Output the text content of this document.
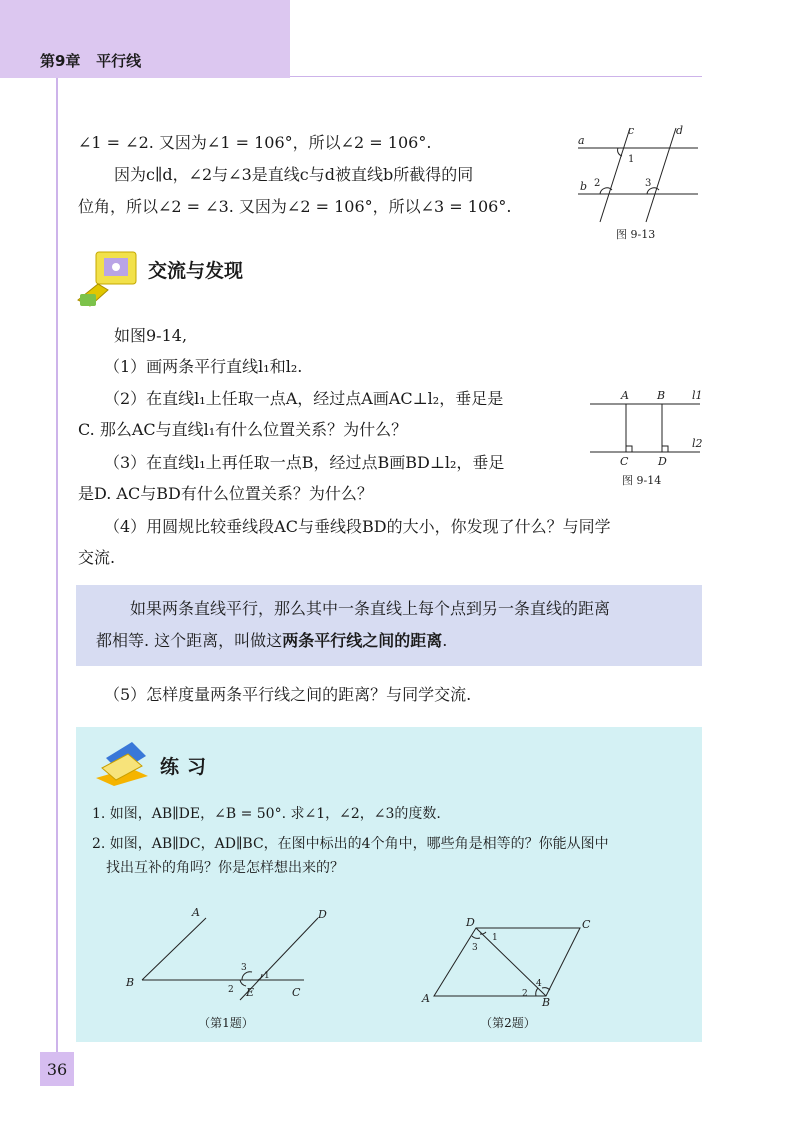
第9章 平行线
∠1 = ∠2. 又因为∠1 = 106°，所以∠2 = 106°.
因为c∥d，∠2与∠3是直线c与d被直线b所截得的同
位角，所以∠2 = ∠3. 又因为∠2 = 106°，所以∠3 = 106°.
a
b
c	d
1
2	3
图 9-13
交流与发现
如图9-14,
（1）画两条平行直线l₁和l₂.
（2）在直线l₁上任取一点A，经过点A画AC⊥l₂，垂足是
C. 那么AC与直线l₁有什么位置关系？为什么？
（3）在直线l₁上再任取一点B，经过点B画BD⊥l₂，垂足
是D. AC与BD有什么位置关系？为什么？
（4）用圆规比较垂线段AC与垂线段BD的大小，你发现了什么？与同学
交流.
A	B
C	D
l1
l2
图 9-14
如果两条直线平行，那么其中一条直线上每个点到另一条直线的距离
都相等. 这个距离，叫做这两条平行线之间的距离.
（5）怎样度量两条平行线之间的距离？与同学交流.
练习
1. 如图，AB∥DE，∠B = 50°. 求∠1，∠2，∠3的度数.
2. 如图，AB∥DC，AD∥BC，在图中标出的4个角中，哪些角是相等的？你能从图中
找出互补的角吗？你是怎样想出来的？
A
B
C
D
E
1
2
3
（第1题）
A	B
C
D
1
2
3
4
（第2题）
36
